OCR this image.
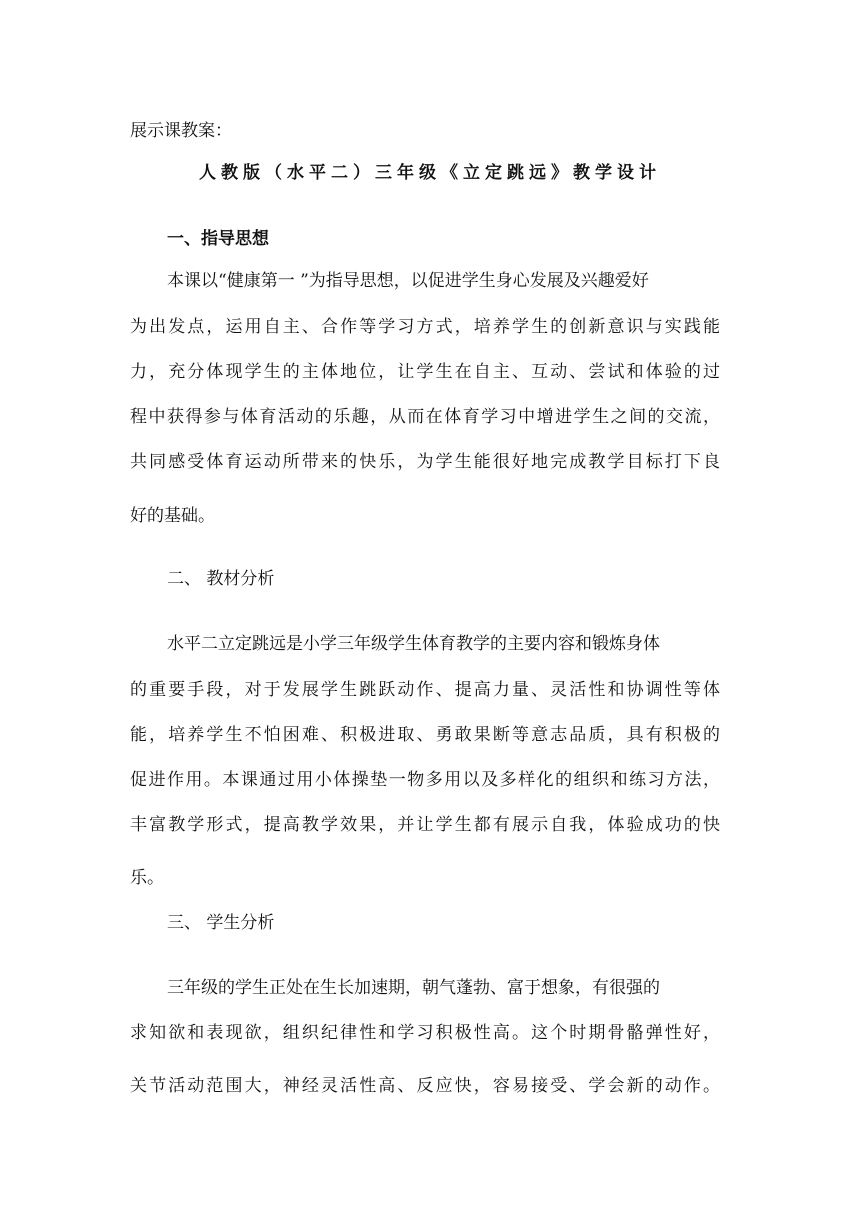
展示课教案：
人教版（水平二）三年级《立定跳远》教学设计
一、指导思想
本课以“健康第一 ”为指导思想，以促进学生身心发展及兴趣爱好
为出发点，运用自主、合作等学习方式，培养学生的创新意识与实践能
力，充分体现学生的主体地位，让学生在自主、互动、尝试和体验的过
程中获得参与体育活动的乐趣，从而在体育学习中增进学生之间的交流，
共同感受体育运动所带来的快乐，为学生能很好地完成教学目标打下良
好的基础。
二、 教材分析
水平二立定跳远是小学三年级学生体育教学的主要内容和锻炼身体
的重要手段，对于发展学生跳跃动作、提高力量、灵活性和协调性等体
能，培养学生不怕困难、积极进取、勇敢果断等意志品质，具有积极的
促进作用。本课通过用小体操垫一物多用以及多样化的组织和练习方法，
丰富教学形式，提高教学效果，并让学生都有展示自我，体验成功的快
乐。
三、 学生分析
三年级的学生正处在生长加速期，朝气蓬勃、富于想象，有很强的
求知欲和表现欲，组织纪律性和学习积极性高。这个时期骨骼弹性好，
关节活动范围大，神经灵活性高、反应快，容易接受、学会新的动作。
